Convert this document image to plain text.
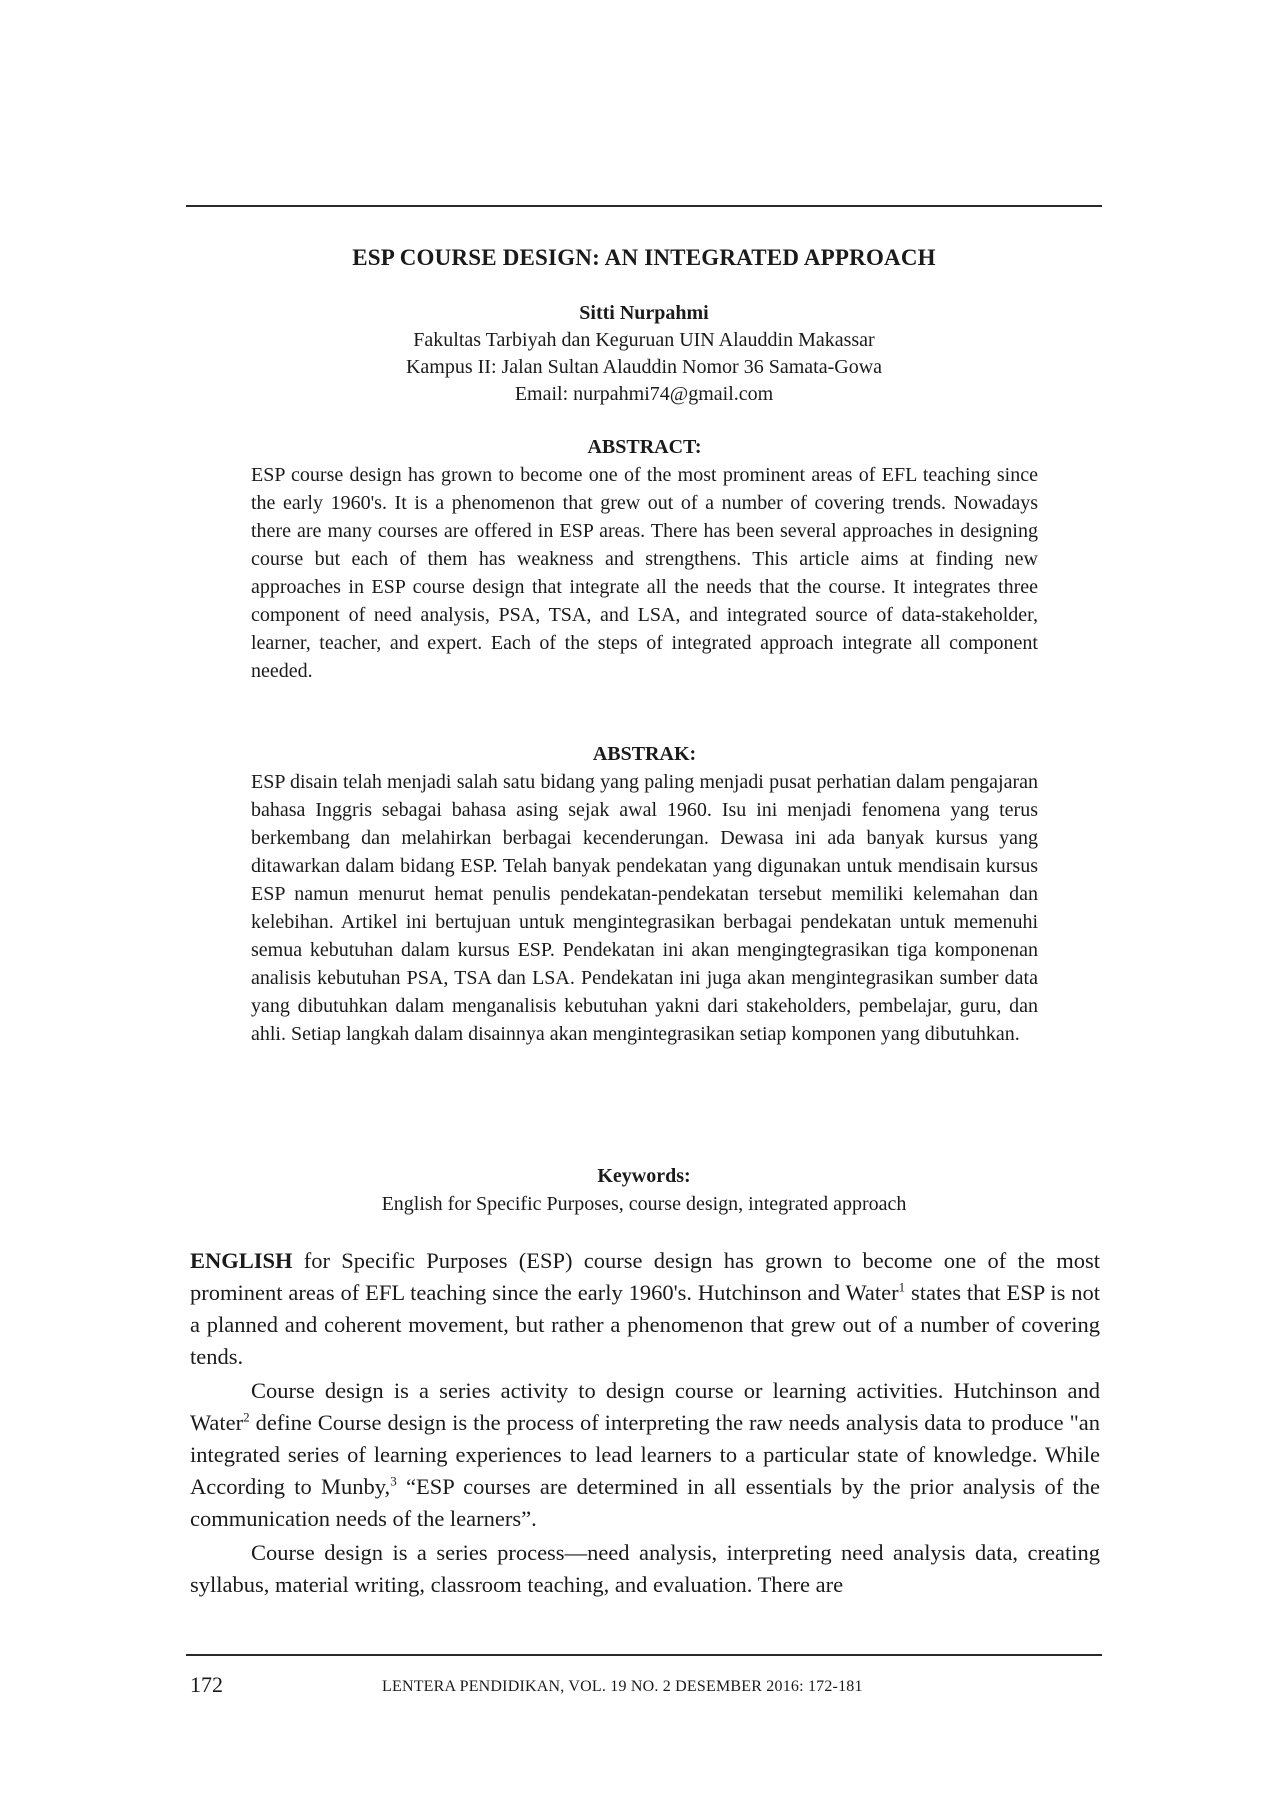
ESP COURSE DESIGN: AN INTEGRATED APPROACH
Sitti Nurpahmi
Fakultas Tarbiyah dan Keguruan UIN Alauddin Makassar
Kampus II: Jalan Sultan Alauddin Nomor 36 Samata-Gowa
Email: nurpahmi74@gmail.com

ABSTRACT:

ESP course design has grown to become one of the most prominent areas of EFL teaching since the early 1960's. It is a phenomenon that grew out of a number of covering trends. Nowadays there are many courses are offered in ESP areas. There has been several approaches in designing course but each of them has weakness and strengthens. This article aims at finding new approaches in ESP course design that integrate all the needs that the course. It integrates three component of need analysis, PSA, TSA, and LSA, and integrated source of data-stakeholder, learner, teacher, and expert. Each of the steps of integrated approach integrate all component needed.

ABSTRAK:

ESP disain telah menjadi salah satu bidang yang paling menjadi pusat perhatian dalam pengajaran bahasa Inggris sebagai bahasa asing sejak awal 1960. Isu ini menjadi fenomena yang terus berkembang dan melahirkan berbagai kecenderungan. Dewasa ini ada banyak kursus yang ditawarkan dalam bidang ESP. Telah banyak pendekatan yang digunakan untuk mendisain kursus ESP namun menurut hemat penulis pendekatan-pendekatan tersebut memiliki kelemahan dan kelebihan. Artikel ini bertujuan untuk mengintegrasikan berbagai pendekatan untuk memenuhi semua kebutuhan dalam kursus ESP. Pendekatan ini akan mengingtegrasikan tiga komponenan analisis kebutuhan PSA, TSA dan LSA. Pendekatan ini juga akan mengintegrasikan sumber data yang dibutuhkan dalam menganalisis kebutuhan yakni dari stakeholders, pembelajar, guru, dan ahli. Setiap langkah dalam disainnya akan mengintegrasikan setiap komponen yang dibutuhkan.

Keywords:

English for Specific Purposes, course design, integrated approach

ENGLISH for Specific Purposes (ESP) course design has grown to become one of the most prominent areas of EFL teaching since the early 1960's. Hutchinson and Water$^1$ states that ESP is not a planned and coherent movement, but rather a phenomenon that grew out of a number of covering tends.

Course design is a series activity to design course or learning activities. Hutchinson and Water$^2$ define Course design is the process of interpreting the raw needs analysis data to produce "an integrated series of learning experiences to lead learners to a particular state of knowledge. While According to Munby,$^3$ “ESP courses are determined in all essentials by the prior analysis of the communication needs of the learners”.

Course design is a series process—need analysis, interpreting need analysis data, creating syllabus, material writing, classroom teaching, and evaluation. There are

172	LENTERA PENDIDIKAN, VOL. 19 NO. 2 DESEMBER 2016: 172-181
